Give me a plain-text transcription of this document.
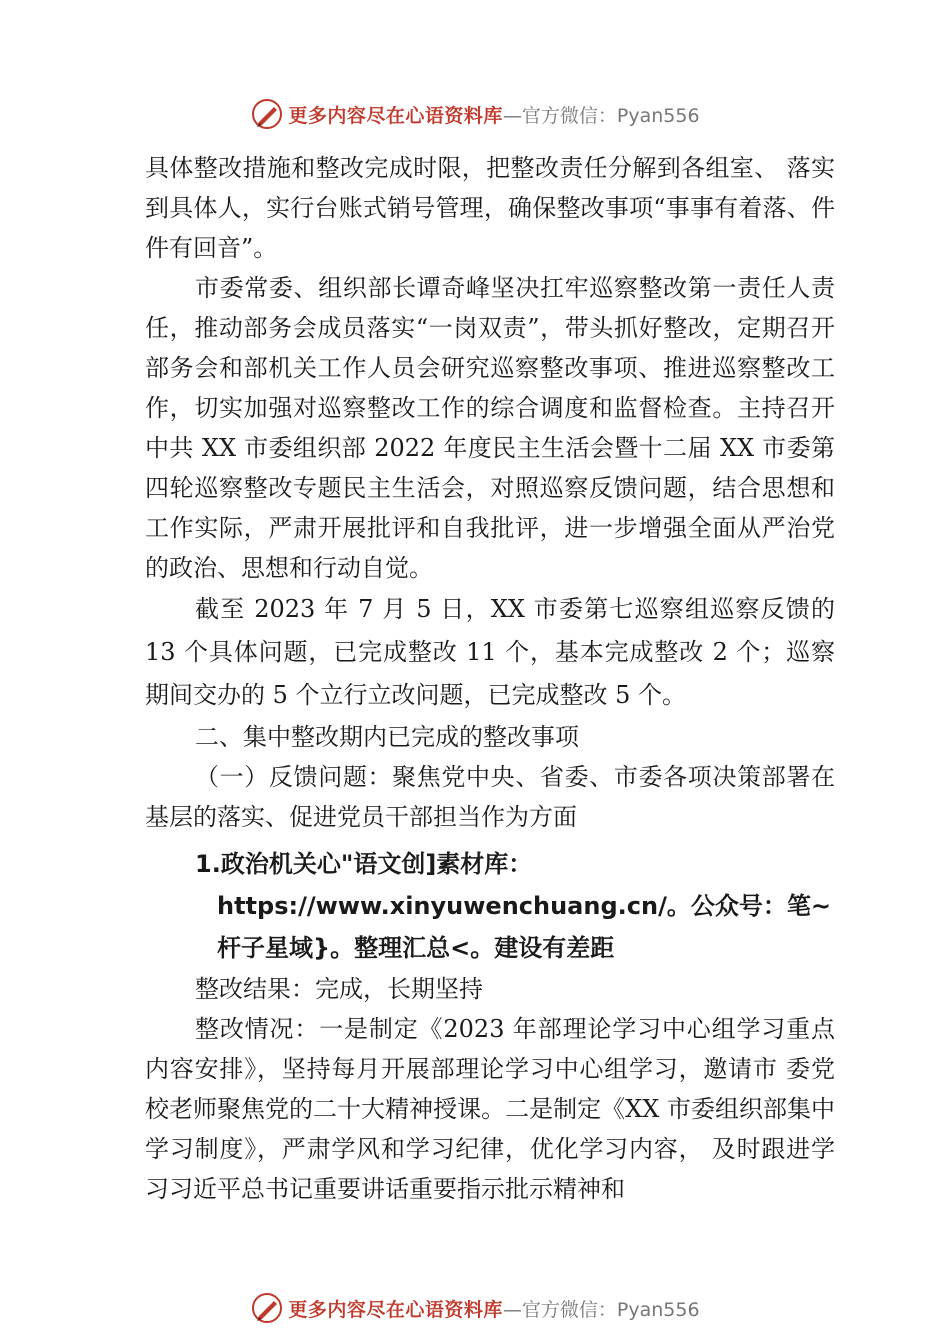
更多内容尽在心语资料库 —官方微信：Pyan556

具体整改措施和整改完成时限，把整改责任分解到各组室、 落实到具体人，实行台账式销号管理，确保整改事项“事事有着落、件件有回音”。

市委常委、组织部长谭奇峰坚决扛牢巡察整改第一责任人责任，推动部务会成员落实“一岗双责”，带头抓好整改，定期召开部务会和部机关工作人员会研究巡察整改事项、推进巡察整改工作，切实加强对巡察整改工作的综合调度和监督检查。主持召开中共 XX 市委组织部 2022 年度民主生活会暨十二届 XX 市委第四轮巡察整改专题民主生活会，对照巡察反馈问题，结合思想和工作实际，严肃开展批评和自我批评，进一步增强全面从严治党的政治、思想和行动自觉。

截至 2023 年 7 月 5 日，XX 市委第七巡察组巡察反馈的 13 个具体问题，已完成整改 11 个，基本完成整改 2 个；巡察期间交办的 5 个立行立改问题，已完成整改 5 个。

二、集中整改期内已完成的整改事项

（一）反馈问题：聚焦党中央、省委、市委各项决策部署在基层的落实、促进党员干部担当作为方面

1.政治机关心"语文创]素材库：https://www.xinyuwenchuang.cn/。公众号：笔~杆子星域}。整理汇总<。建设有差距

整改结果：完成，长期坚持

整改情况：一是制定《2023 年部理论学习中心组学习重点内容安排》，坚持每月开展部理论学习中心组学习，邀请市 委党校老师聚焦党的二十大精神授课。二是制定《XX 市委组织部集中学习制度》，严肃学风和学习纪律，优化学习内容， 及时跟进学习习近平总书记重要讲话重要指示批示精神和

更多内容尽在心语资料库 —官方微信：Pyan556
